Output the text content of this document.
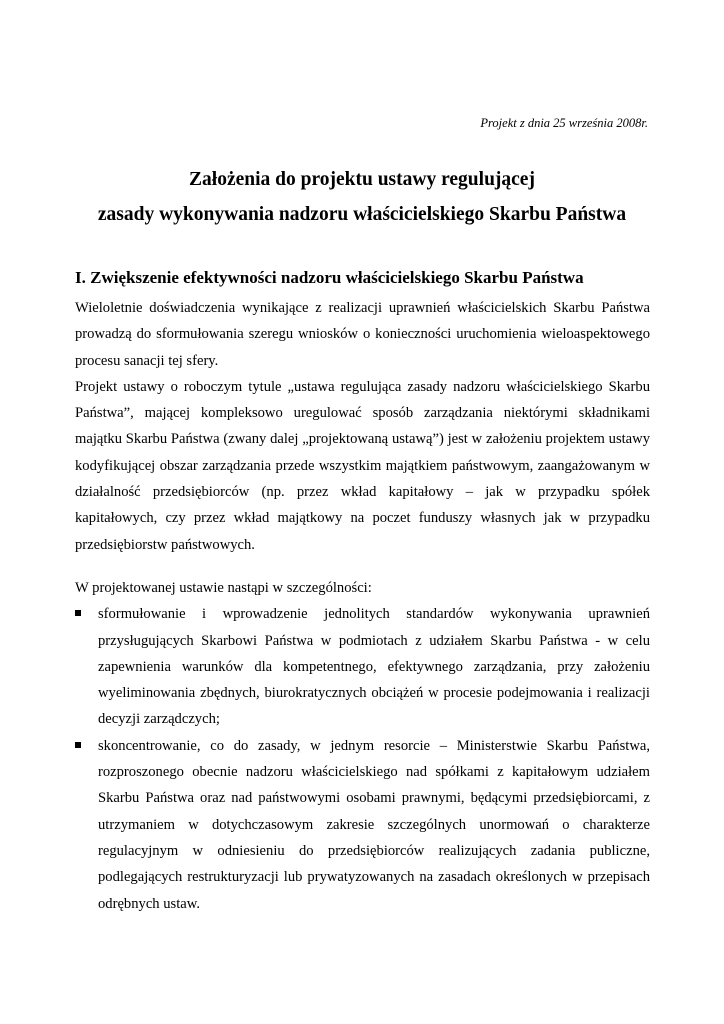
Projekt z dnia 25 września 2008r.
Założenia do projektu ustawy regulującej
zasady wykonywania nadzoru właścicielskiego Skarbu Państwa
I. Zwiększenie efektywności nadzoru właścicielskiego Skarbu Państwa

Wieloletnie doświadczenia wynikające z realizacji uprawnień właścicielskich Skarbu Państwa prowadzą do sformułowania szeregu wniosków o konieczności uruchomienia wieloaspektowego procesu sanacji tej sfery.

Projekt ustawy o roboczym tytule „ustawa regulująca zasady nadzoru właścicielskiego Skarbu Państwa”, mającej kompleksowo uregulować sposób zarządzania niektórymi składnikami majątku Skarbu Państwa (zwany dalej „projektowaną ustawą”) jest w założeniu projektem ustawy kodyfikującej obszar zarządzania przede wszystkim majątkiem państwowym, zaangażowanym w działalność przedsiębiorców (np. przez wkład kapitałowy – jak w przypadku spółek kapitałowych, czy przez wkład majątkowy na poczet funduszy własnych jak w przypadku przedsiębiorstw państwowych.

W projektowanej ustawie nastąpi w szczególności:

sformułowanie i wprowadzenie jednolitych standardów wykonywania uprawnień przysługujących Skarbowi Państwa w podmiotach z udziałem Skarbu Państwa - w celu zapewnienia warunków dla kompetentnego, efektywnego zarządzania, przy założeniu wyeliminowania zbędnych, biurokratycznych obciążeń w procesie podejmowania i realizacji decyzji zarządczych;
skoncentrowanie, co do zasady, w jednym resorcie – Ministerstwie Skarbu Państwa, rozproszonego obecnie nadzoru właścicielskiego nad spółkami z kapitałowym udziałem Skarbu Państwa oraz nad państwowymi osobami prawnymi, będącymi przedsiębiorcami, z utrzymaniem w dotychczasowym zakresie szczególnych unormowań o charakterze regulacyjnym w odniesieniu do przedsiębiorców realizujących zadania publiczne, podlegających restrukturyzacji lub prywatyzowanych na zasadach określonych w przepisach odrębnych ustaw.
